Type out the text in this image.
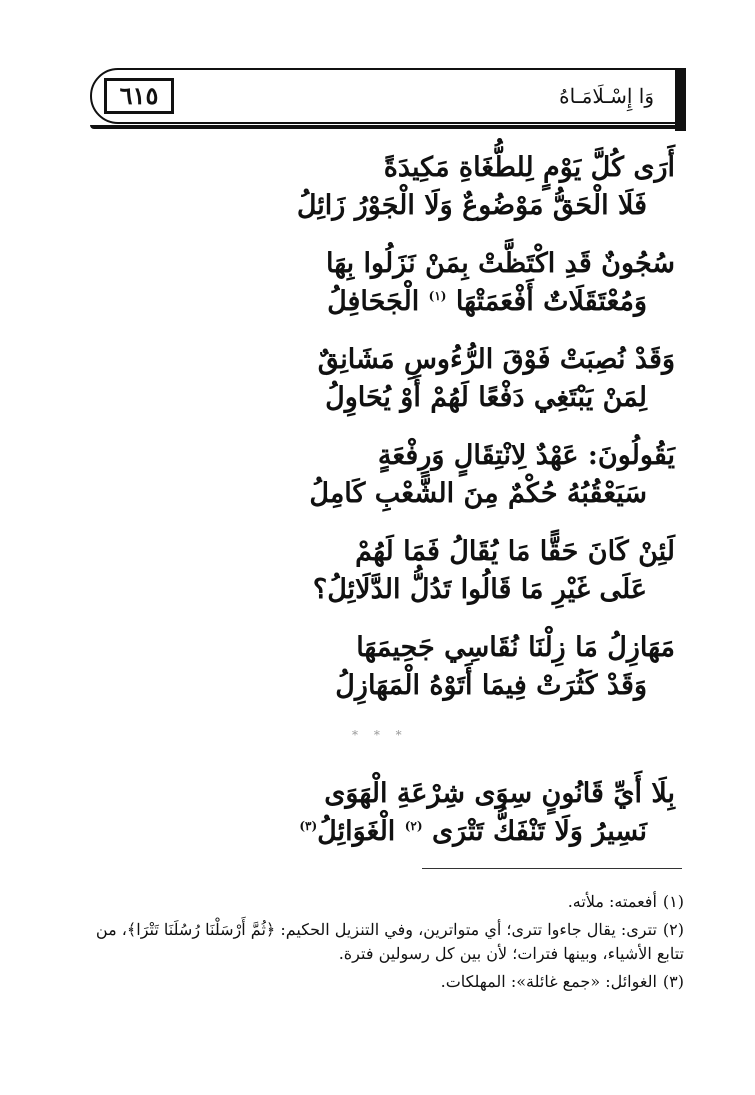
٦١٥	وَا إِسْـلَامَـاهُ
أَرَى كُلَّ يَوْمٍ لِلطُّغَاةِ مَكِيدَةً
فَلَا الْحَقُّ مَوْضُوعٌ وَلَا الْجَوْرُ زَائِلُ
سُجُونٌ قَدِ اكْتَظَّتْ بِمَنْ نَزَلُوا بِهَا
وَمُعْتَقَلَاتٌ أَفْعَمَتْهَا $^{(١)}$ الْجَحَافِلُ
وَقَدْ نُصِبَتْ فَوْقَ الرُّءُوسِ مَشَانِقٌ
لِمَنْ يَبْتَغِي دَفْعًا لَهُمْ أَوْ يُحَاوِلُ
يَقُولُونَ: عَهْدٌ لِانْتِقَالٍ وَرِفْعَةٍ
سَيَعْقُبُهُ حُكْمٌ مِنَ الشَّعْبِ كَامِلُ
لَئِنْ كَانَ حَقًّا مَا يُقَالُ فَمَا لَهُمْ
عَلَى غَيْرِ مَا قَالُوا تَدُلُّ الدَّلَائِلُ؟
مَهَازِلُ مَا زِلْنَا نُقَاسِي جَحِيمَهَا
وَقَدْ كَثُرَتْ فِيمَا أَتَوْهُ الْمَهَازِلُ
* * *
بِلَا أَيِّ قَانُونٍ سِوَى شِرْعَةِ الْهَوَى
نَسِيرُ وَلَا تَنْفَكُّ تَتْرَى $^{(٢)}$ الْغَوَائِلُ$^{(٣)}$
(١)أفعمته: ملأته.
(٢)تترى: يقال جاءوا تترى؛ أي متواترين، وفي التنزيل الحكيم: ﴿ثُمَّ أَرْسَلْنَا رُسُلَنَا تَتْرَا﴾، من تتابع الأشياء، وبينها فترات؛ لأن بين كل رسولين فترة.
(٣)الغوائل: «جمع غائلة»: المهلكات.
